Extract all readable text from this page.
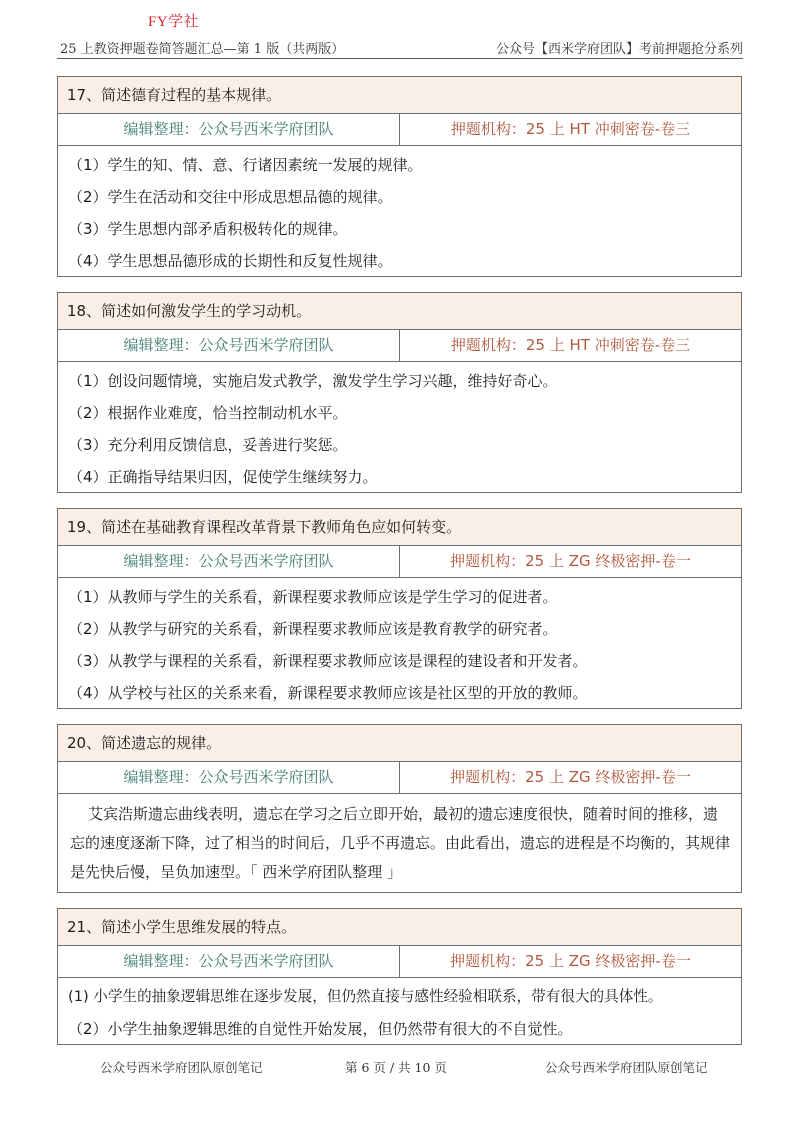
FY学社
25 上教资押题卷简答题汇总—第 1 版（共两版）	公众号【西米学府团队】考前押题抢分系列
17、简述德育过程的基本规律。
编辑整理：公众号西米学府团队	押题机构：25 上 HT 冲刺密卷-卷三
（1）学生的知、情、意、行诸因素统一发展的规律。
（2）学生在活动和交往中形成思想品德的规律。
（3）学生思想内部矛盾积极转化的规律。
（4）学生思想品德形成的长期性和反复性规律。
18、简述如何激发学生的学习动机。
编辑整理：公众号西米学府团队	押题机构：25 上 HT 冲刺密卷-卷三
（1）创设问题情境，实施启发式教学，激发学生学习兴趣，维持好奇心。
（2）根据作业难度，恰当控制动机水平。
（3）充分利用反馈信息，妥善进行奖惩。
（4）正确指导结果归因，促使学生继续努力。
19、简述在基础教育课程改革背景下教师角色应如何转变。
编辑整理：公众号西米学府团队	押题机构：25 上 ZG 终极密押-卷一
（1）从教师与学生的关系看，新课程要求教师应该是学生学习的促进者。
（2）从教学与研究的关系看，新课程要求教师应该是教育教学的研究者。
（3）从教学与课程的关系看，新课程要求教师应该是课程的建设者和开发者。
（4）从学校与社区的关系来看，新课程要求教师应该是社区型的开放的教师。
20、简述遗忘的规律。
编辑整理：公众号西米学府团队	押题机构：25 上 ZG 终极密押-卷一
艾宾浩斯遗忘曲线表明，遗忘在学习之后立即开始，最初的遗忘速度很快，随着时间的推移，遗忘的速度逐渐下降，过了相当的时间后，几乎不再遗忘。由此看出，遗忘的进程是不均衡的，其规律是先快后慢，呈负加速型。「 西米学府团队整理 」
21、简述小学生思维发展的特点。
编辑整理：公众号西米学府团队	押题机构：25 上 ZG 终极密押-卷一
(1) 小学生的抽象逻辑思维在逐步发展，但仍然直接与感性经验相联系，带有很大的具体性。
（2）小学生抽象逻辑思维的自觉性开始发展，但仍然带有很大的不自觉性。
公众号西米学府团队原创笔记	第 6 页 / 共 10 页	公众号西米学府团队原创笔记
